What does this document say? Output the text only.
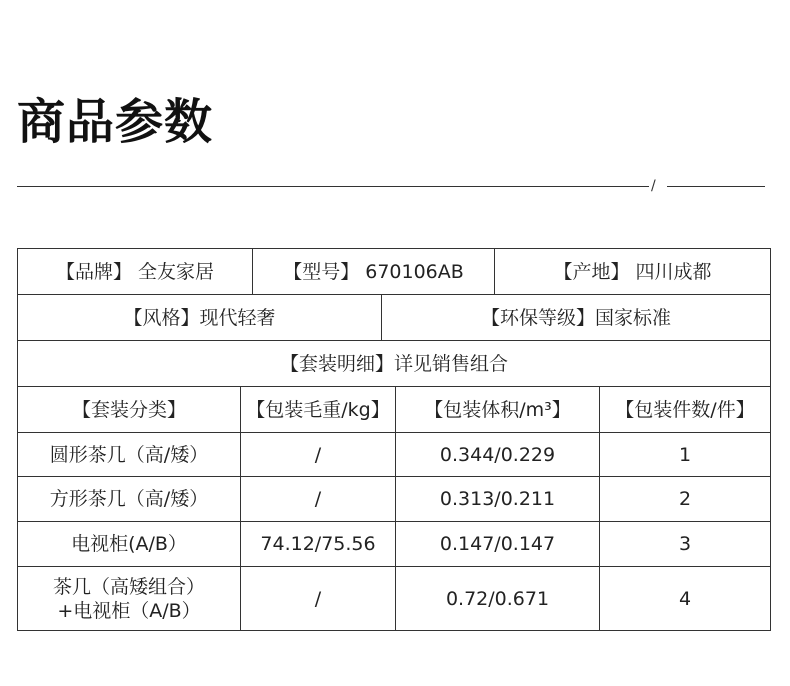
商品参数
/
【品牌】 全友家居	【型号】 670106AB	【产地】 四川成都
【风格】现代轻奢	【环保等级】国家标准
【套装明细】详见销售组合
【套装分类】	【包装毛重/kg】	【包装体积/m³】	【包装件数/件】
圆形茶几（高/矮）	/	0.344/0.229	1
方形茶几（高/矮）	/	0.313/0.211	2
电视柜(A/B）	74.12/75.56	0.147/0.147	3
茶几（高矮组合）
+电视柜（A/B）
/	0.72/0.671	4
